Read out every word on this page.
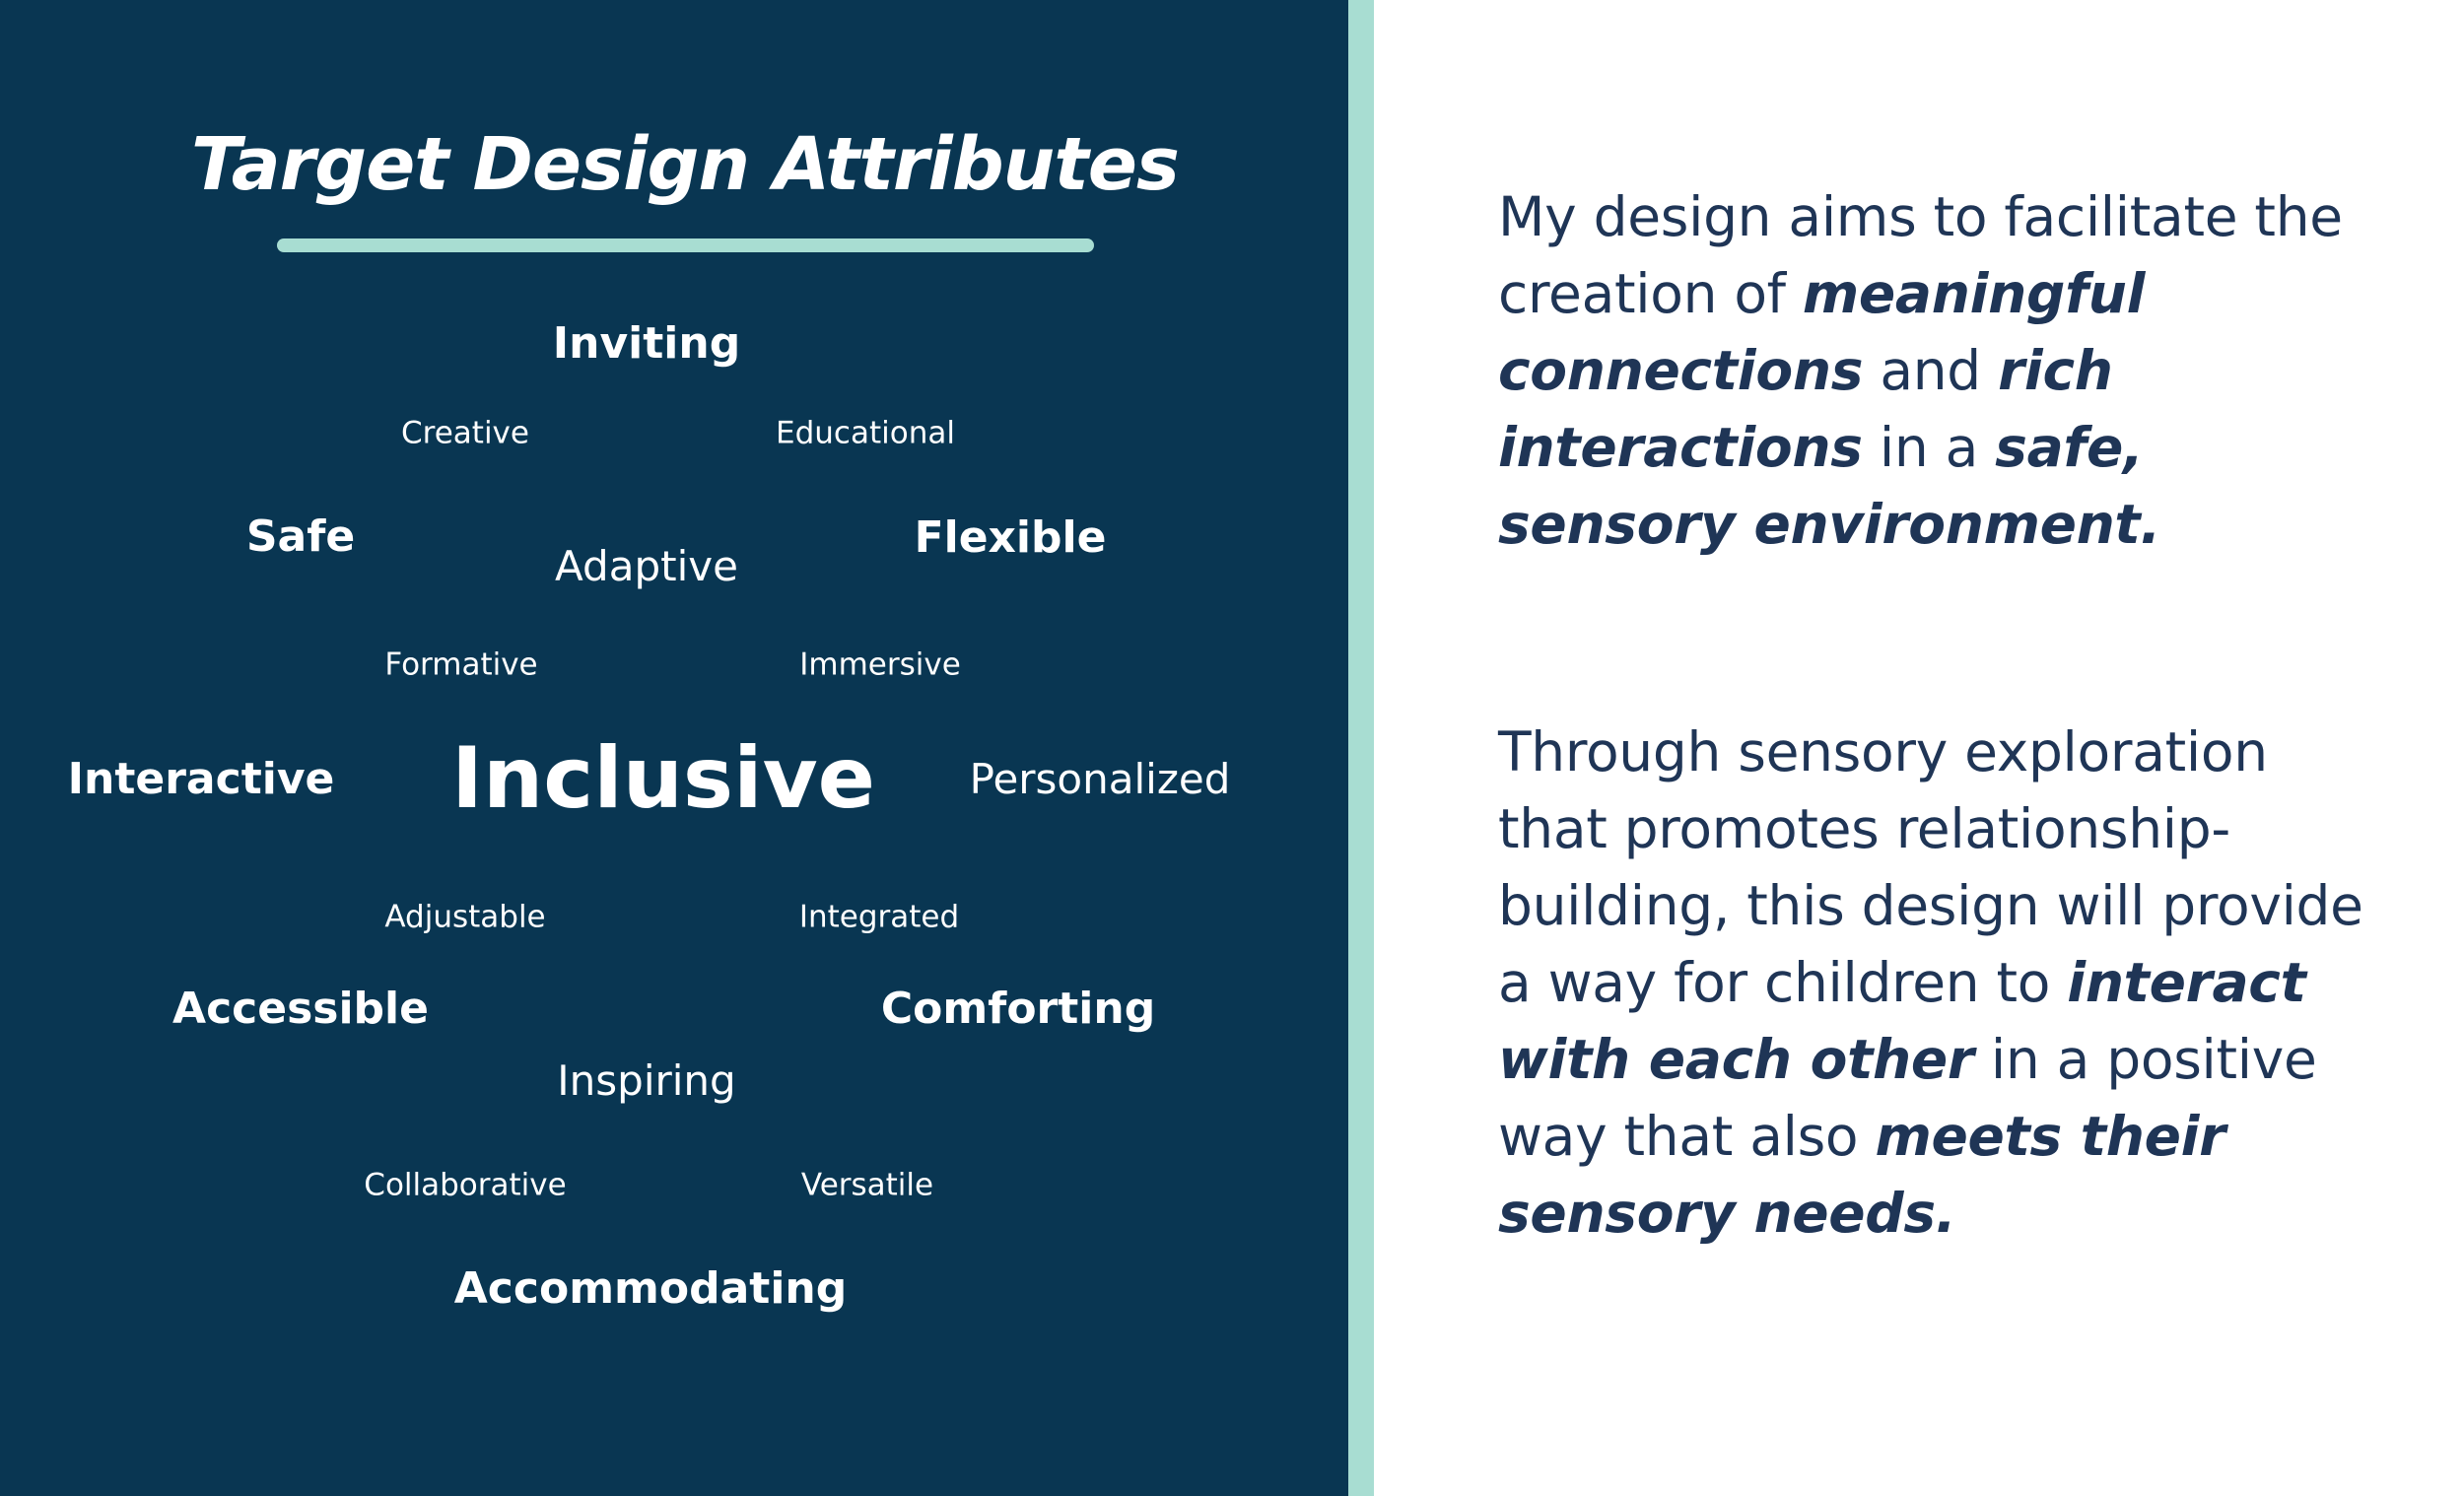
Target Design Attributes
Inviting
Creative	Educational
Safe
Adaptive
Flexible
Formative	Immersive
Interactive Inclusive Personalized
Adjustable	Integrated
Accessible	Comforting
Inspiring
Collaborative	Versatile
Accommodating
My design aims to facilitate the creation of meaningful connections and rich interactions in a safe, sensory environment.
Through sensory exploration that promotes relationship-building, this design will provide a way for children to interact with each other in a positive way that also meets their sensory needs.
